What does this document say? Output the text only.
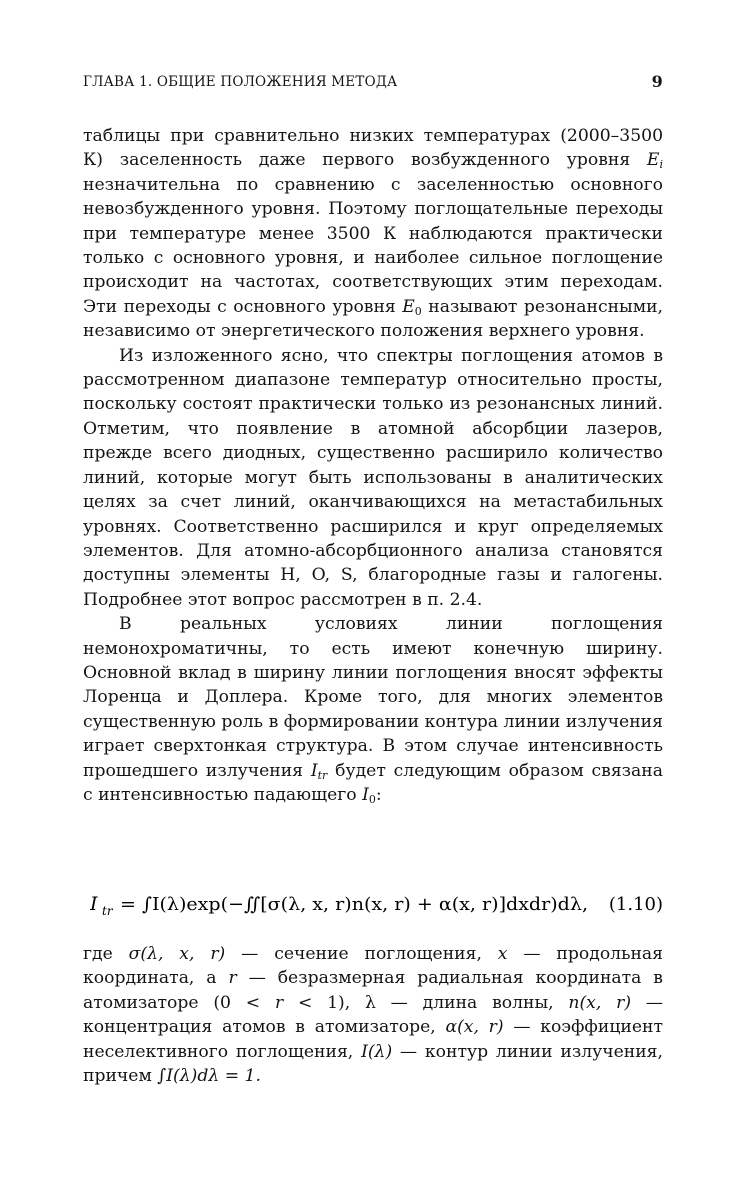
ГЛАВА 1. ОБЩИЕ ПОЛОЖЕНИЯ МЕТОДА	9

таблицы при сравнительно низких температурах (2000–3500 К) заселенность даже первого возбужденного уровня $E_i$ незначительна по сравнению с заселенностью основного невозбужденного уровня. Поэтому поглощательные переходы при температуре менее 3500 К наблюдаются практически только с основного уровня, и наиболее сильное поглощение происходит на частотах, соответствующих этим переходам. Эти переходы с основного уровня $E_0$ называют резонансными, независимо от энергетического положения верхнего уровня.

Из изложенного ясно, что спектры поглощения атомов в рассмотренном диапазоне температур относительно просты, поскольку состоят практически только из резонансных линий. Отметим, что появление в атомной абсорбции лазеров, прежде всего диодных, существенно расширило количество линий, которые могут быть использованы в аналитических целях за счет линий, оканчивающихся на метастабильных уровнях. Соответственно расширился и круг определяемых элементов. Для атомно-абсорбционного анализа становятся доступны элементы H, O, S, благородные газы и галогены. Подробнее этот вопрос рассмотрен в п. 2.4.

В реальных условиях линии поглощения немонохроматичны, то есть имеют конечную ширину. Основной вклад в ширину линии поглощения вносят эффекты Лоренца и Доплера. Кроме того, для многих элементов существенную роль в формировании контура линии излучения играет сверхтонкая структура. В этом случае интенсивность прошедшего излучения $I_{tr}$ будет следующим образом связана с интенсивностью падающего $I_0$:

I tr = ∫I(λ)exp(−∬[σ(λ, x, r)n(x, r) + α(x, r)]dxdr)dλ, (1.10)

где σ(λ, x, r) — сечение поглощения, x — продольная координата, а r — безразмерная радиальная координата в атомизаторе (0 < r < 1), λ — длина волны, n(x, r) — концентрация атомов в атомизаторе, α(x, r) — коэффициент неселективного поглощения, I(λ) — контур линии излучения, причем ∫I(λ)dλ = 1.
